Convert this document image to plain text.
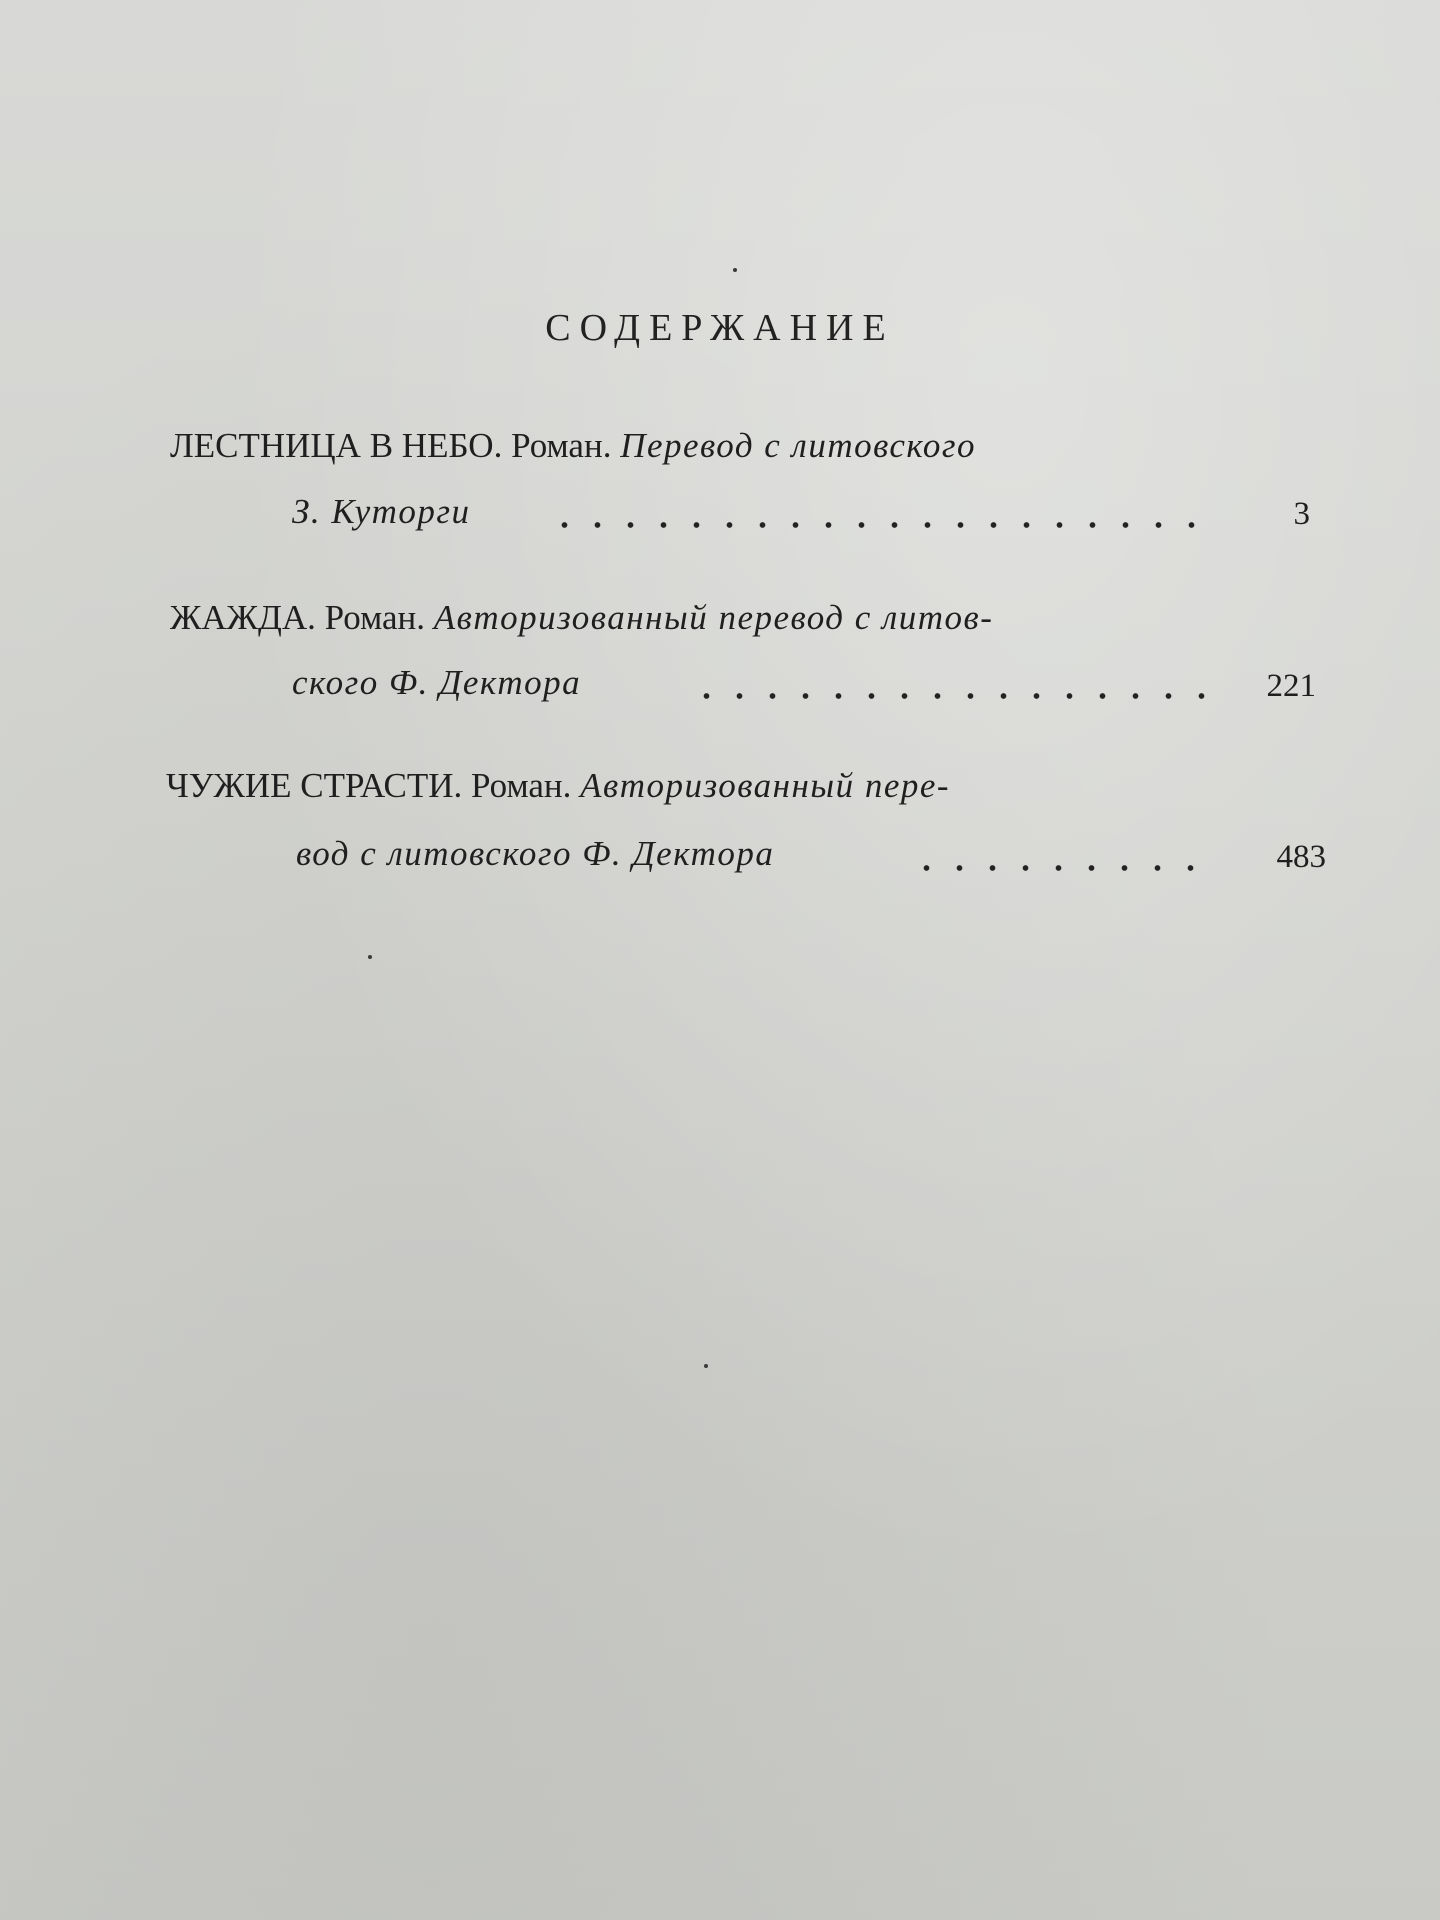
СОДЕРЖАНИЕ

ЛЕСТНИЦА В НЕБО. Роман. Перевод с литовского

З. Куторги	3

ЖАЖДА. Роман. Авторизованный перевод с литов-

ского Ф. Дектора	221

ЧУЖИЕ СТРАСТИ. Роман. Авторизованный пере-

вод с литовского Ф. Дектора	483
